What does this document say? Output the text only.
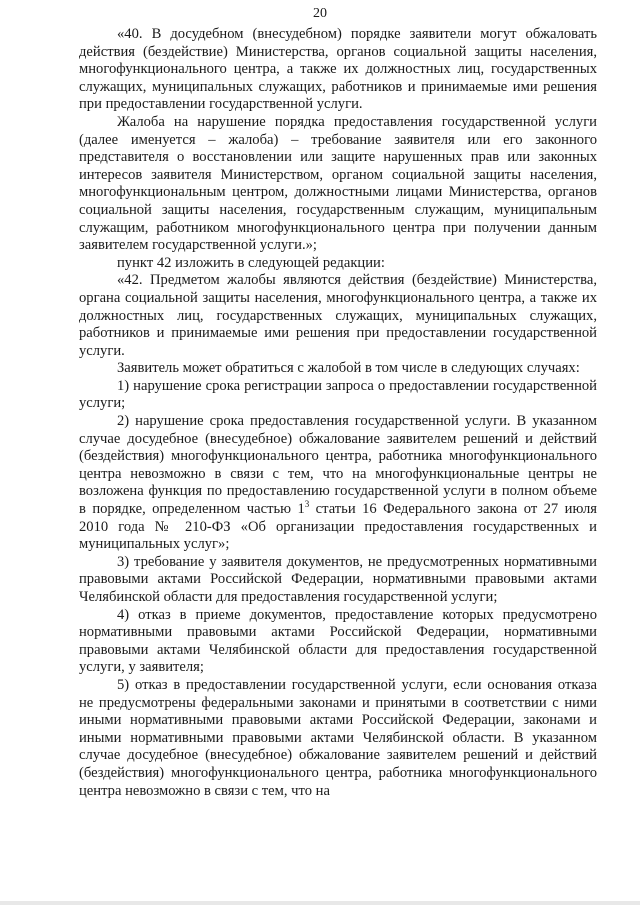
20

«40. В досудебном (внесудебном) порядке заявители могут обжаловать действия (бездействие) Министерства, органов социальной защиты населения, многофункционального центра, а также их должностных лиц, государственных служащих, муниципальных служащих, работников и принимаемые ими решения при предоставлении государственной услуги.

Жалоба на нарушение порядка предоставления государственной услуги (далее именуется – жалоба) – требование заявителя или его законного представителя о восстановлении или защите нарушенных прав или законных интересов заявителя Министерством, органом социальной защиты населения, многофункциональным центром, должностными лицами Министерства, органов социальной защиты населения, государственным служащим, муниципальным служащим, работником многофункционального центра при получении данным заявителем государственной услуги.»;

пункт 42 изложить в следующей редакции:

«42. Предметом жалобы являются действия (бездействие) Министерства, органа социальной защиты населения, многофункционального центра, а также их должностных лиц, государственных служащих, муниципальных служащих, работников и принимаемые ими решения при предоставлении государственной услуги.

Заявитель может обратиться с жалобой в том числе в следующих случаях:

1) нарушение срока регистрации запроса о предоставлении государственной услуги;

2) нарушение срока предоставления государственной услуги. В указанном случае досудебное (внесудебное) обжалование заявителем решений и действий (бездействия) многофункционального центра, работника многофункционального центра невозможно в связи с тем, что на многофункциональные центры не возложена функция по предоставлению государственной услуги в полном объеме в порядке, определенном частью $1^3$ статьи 16 Федерального закона от 27 июля 2010 года № 210-ФЗ «Об организации предоставления государственных и муниципальных услуг»;

3) требование у заявителя документов, не предусмотренных нормативными правовыми актами Российской Федерации, нормативными правовыми актами Челябинской области для предоставления государственной услуги;

4) отказ в приеме документов, предоставление которых предусмотрено нормативными правовыми актами Российской Федерации, нормативными правовыми актами Челябинской области для предоставления государственной услуги, у заявителя;

5) отказ в предоставлении государственной услуги, если основания отказа не предусмотрены федеральными законами и принятыми в соответствии с ними иными нормативными правовыми актами Российской Федерации, законами и иными нормативными правовыми актами Челябинской области. В указанном случае досудебное (внесудебное) обжалование заявителем решений и действий (бездействия) многофункционального центра, работника многофункционального центра невозможно в связи с тем, что на
